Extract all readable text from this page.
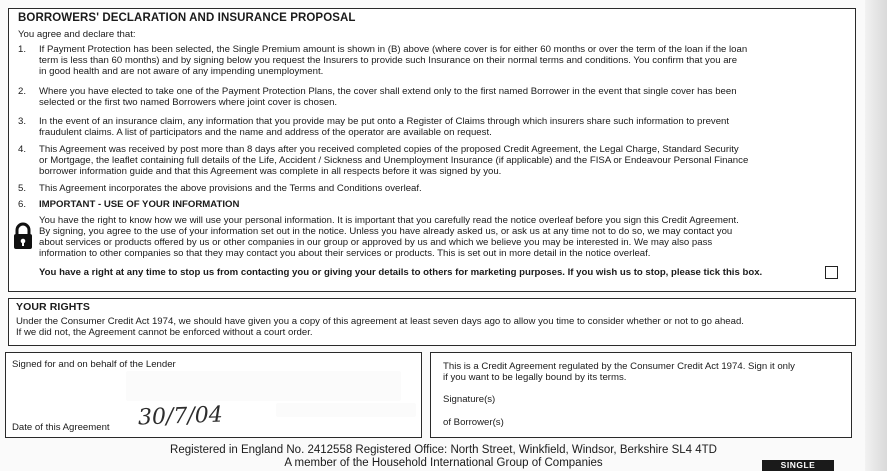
BORROWERS' DECLARATION AND INSURANCE PROPOSAL
You agree and declare that:
1. If Payment Protection has been selected, the Single Premium amount is shown in (B) above (where cover is for either 60 months or over the term of the loan if the loan
term is less than 60 months) and by signing below you request the Insurers to provide such Insurance on their normal terms and conditions. You confirm that you are
in good health and are not aware of any impending unemployment.
2. Where you have elected to take one of the Payment Protection Plans, the cover shall extend only to the first named Borrower in the event that single cover has been
selected or the first two named Borrowers where joint cover is chosen.
3. In the event of an insurance claim, any information that you provide may be put onto a Register of Claims through which insurers share such information to prevent
fraudulent claims. A list of participators and the name and address of the operator are available on request.
4. This Agreement was received by post more than 8 days after you received completed copies of the proposed Credit Agreement, the Legal Charge, Standard Security
or Mortgage, the leaflet containing full details of the Life, Accident / Sickness and Unemployment Insurance (if applicable) and the FISA or Endeavour Personal Finance
borrower information guide and that this Agreement was complete in all respects before it was signed by you.
5. This Agreement incorporates the above provisions and the Terms and Conditions overleaf.
6. IMPORTANT - USE OF YOUR INFORMATION
You have the right to know how we will use your personal information. It is important that you carefully read the notice overleaf before you sign this Credit Agreement.
By signing, you agree to the use of your information set out in the notice. Unless you have already asked us, or ask us at any time not to do so, we may contact you
about services or products offered by us or other companies in our group or approved by us and which we believe you may be interested in. We may also pass
information to other companies so that they may contact you about their services or products. This is set out in more detail in the notice overleaf.
You have a right at any time to stop us from contacting you or giving your details to others for marketing purposes. If you wish us to stop, please tick this box.
YOUR RIGHTS
Under the Consumer Credit Act 1974, we should have given you a copy of this agreement at least seven days ago to allow you time to consider whether or not to go ahead.
If we did not, the Agreement cannot be enforced without a court order.
Signed for and on behalf of the Lender
Date of this Agreement 30/7/04
This is a Credit Agreement regulated by the Consumer Credit Act 1974. Sign it only
if you want to be legally bound by its terms.
Signature(s)
of Borrower(s)
Registered in England No. 2412558 Registered Office: North Street, Winkfield, Windsor, Berkshire SL4 4TD
A member of the Household International Group of Companies	SINGLE
